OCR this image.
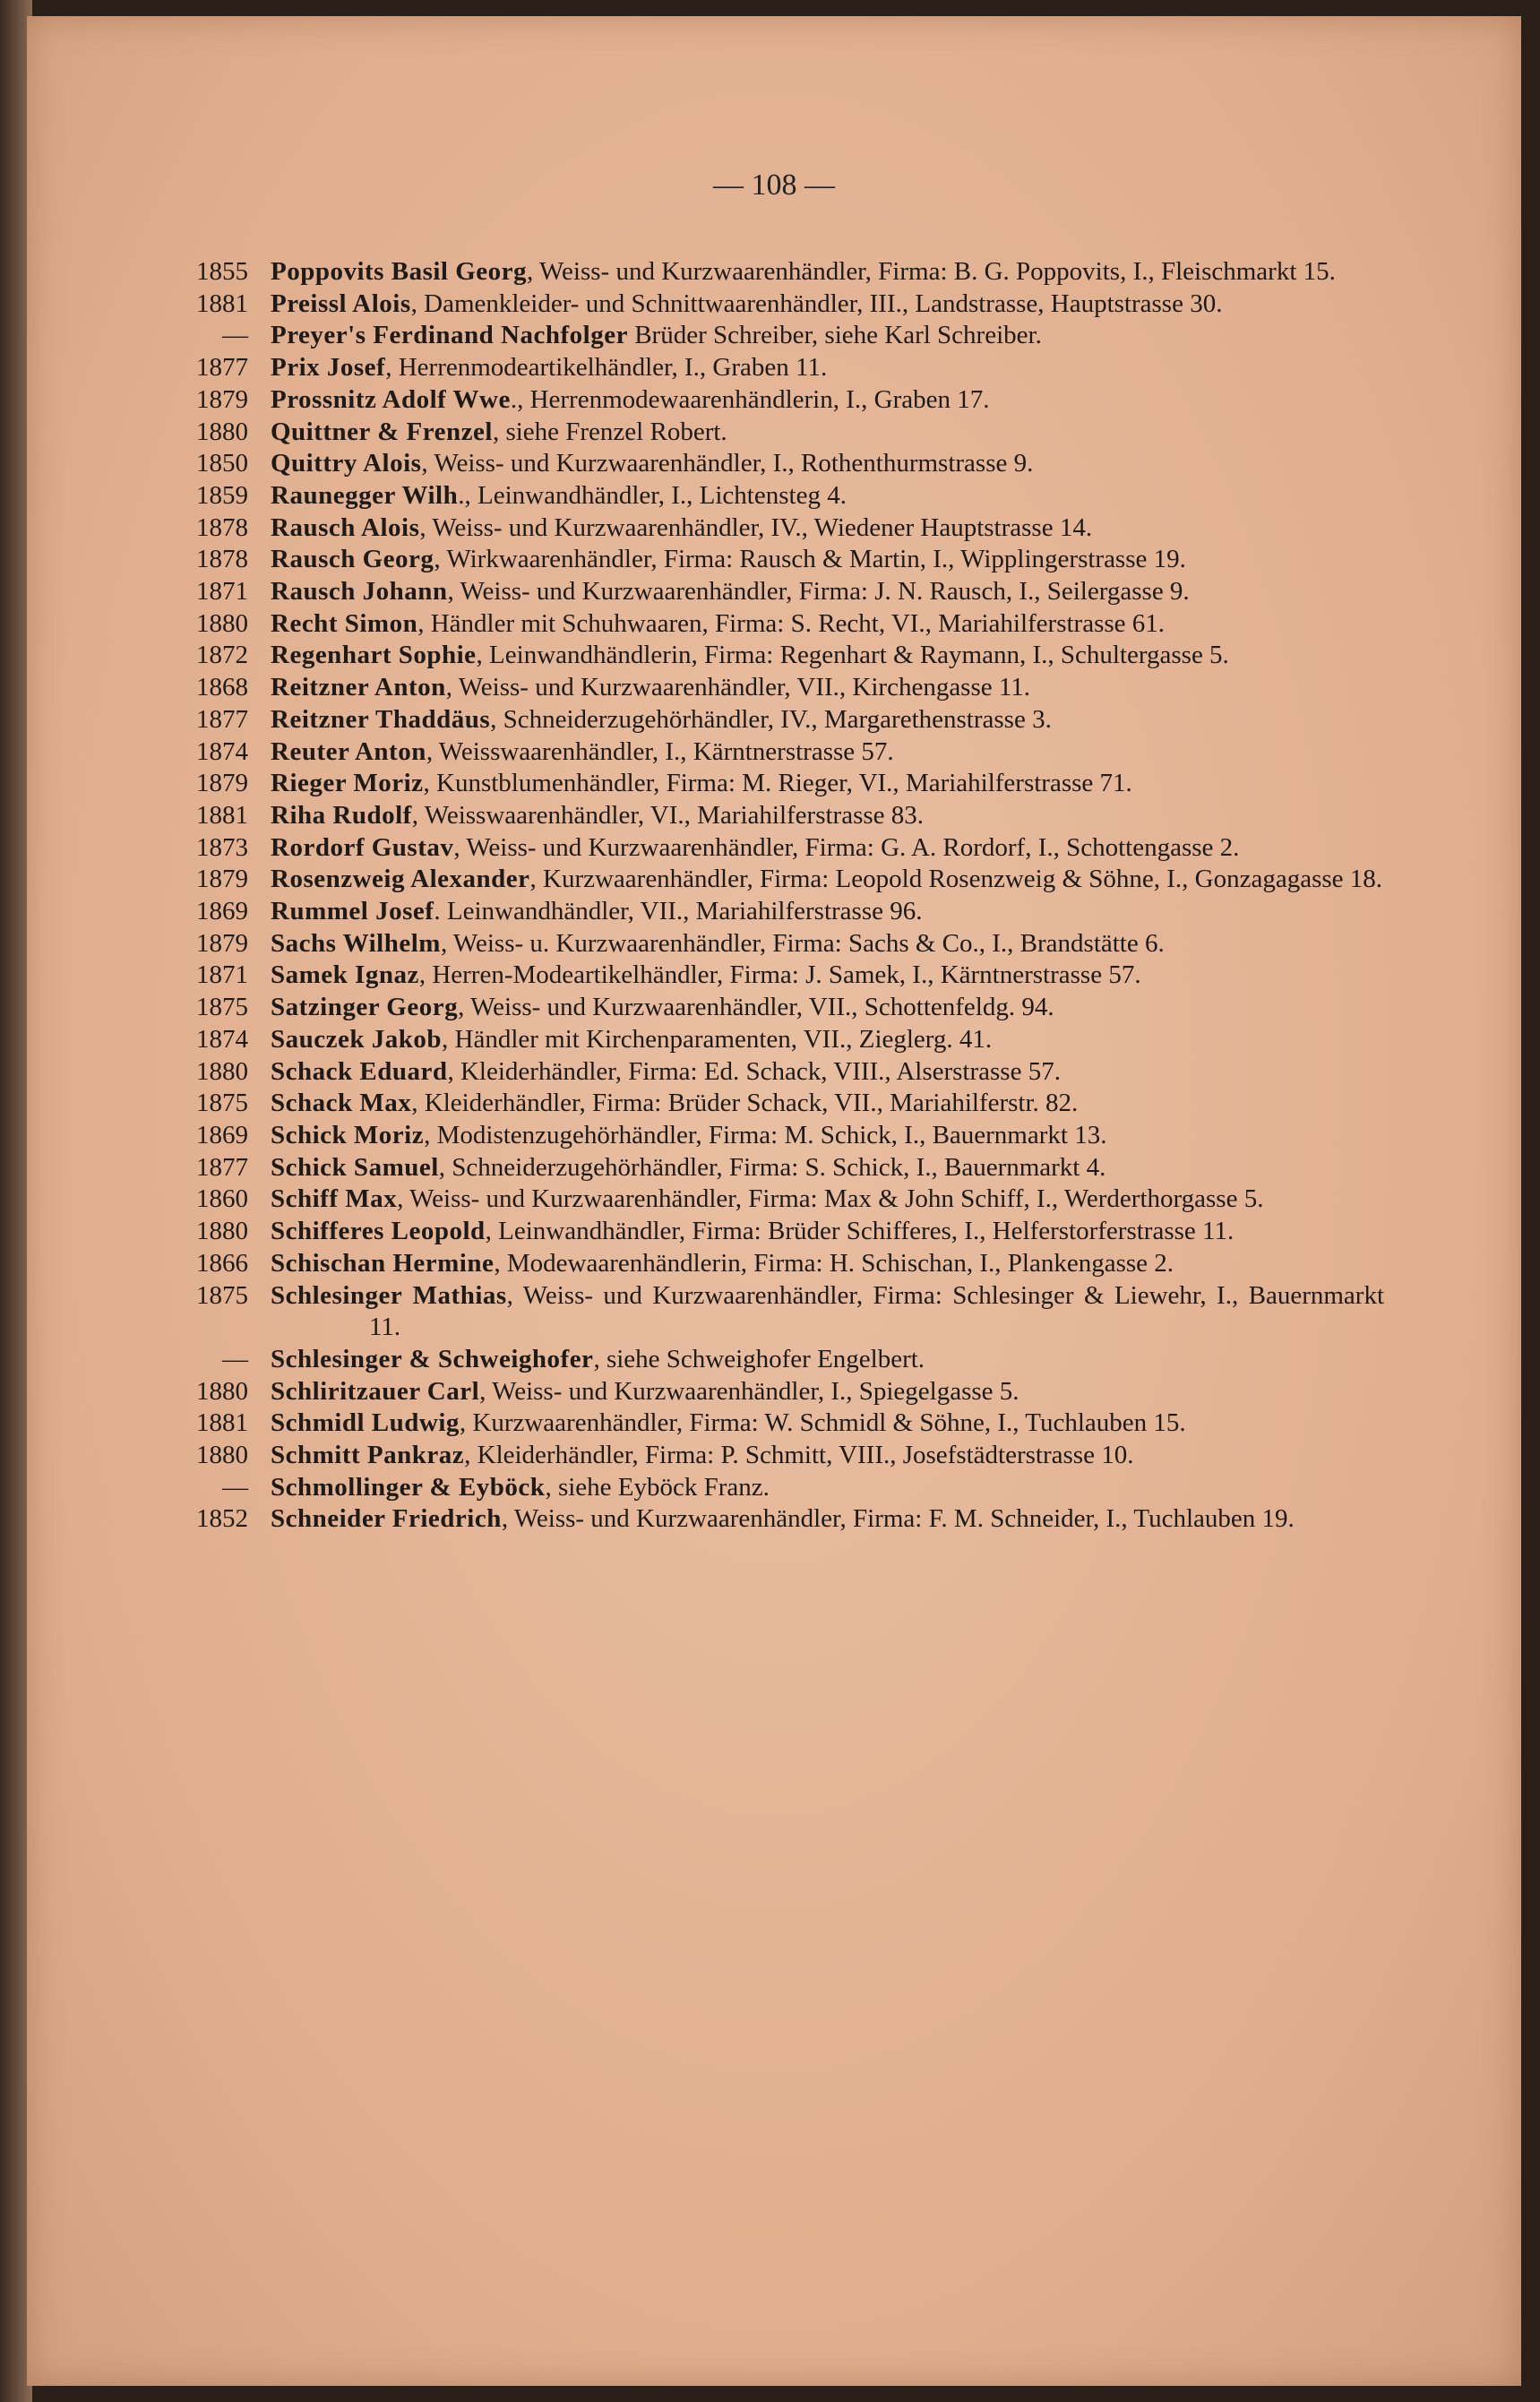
— 108 —
1855 Poppovits Basil Georg, Weiss- und Kurzwaarenhändler, Firma: B. G. Poppovits, I., Fleischmarkt 15.
1881 Preissl Alois, Damenkleider- und Schnittwaarenhändler, III., Landstrasse, Hauptstrasse 30.
— Preyer's Ferdinand Nachfolger Brüder Schreiber, siehe Karl Schreiber.
1877 Prix Josef, Herrenmodeartikelhändler, I., Graben 11.
1879 Prossnitz Adolf Wwe., Herrenmodewaarenhändlerin, I., Graben 17.
1880 Quittner & Frenzel, siehe Frenzel Robert.
1850 Quittry Alois, Weiss- und Kurzwaarenhändler, I., Rothenthurmstrasse 9.
1859 Raunegger Wilh., Leinwandhändler, I., Lichtensteg 4.
1878 Rausch Alois, Weiss- und Kurzwaarenhändler, IV., Wiedener Hauptstrasse 14.
1878 Rausch Georg, Wirkwaarenhändler, Firma: Rausch & Martin, I., Wipplingerstrasse 19.
1871 Rausch Johann, Weiss- und Kurzwaarenhändler, Firma: J. N. Rausch, I., Seilergasse 9.
1880 Recht Simon, Händler mit Schuhwaaren, Firma: S. Recht, VI., Mariahilferstrasse 61.
1872 Regenhart Sophie, Leinwandhändlerin, Firma: Regenhart & Raymann, I., Schultergasse 5.
1868 Reitzner Anton, Weiss- und Kurzwaarenhändler, VII., Kirchengasse 11.
1877 Reitzner Thaddäus, Schneiderzugehörhändler, IV., Margarethenstrasse 3.
1874 Reuter Anton, Weisswaarenhändler, I., Kärntnerstrasse 57.
1879 Rieger Moriz, Kunstblumenhändler, Firma: M. Rieger, VI., Mariahilferstrasse 71.
1881 Riha Rudolf, Weisswaarenhändler, VI., Mariahilferstrasse 83.
1873 Rordorf Gustav, Weiss- und Kurzwaarenhändler, Firma: G. A. Rordorf, I., Schottengasse 2.
1879 Rosenzweig Alexander, Kurzwaarenhändler, Firma: Leopold Rosenzweig & Söhne, I., Gonzagagasse 18.
1869 Rummel Josef. Leinwandhändler, VII., Mariahilferstrasse 96.
1879 Sachs Wilhelm, Weiss- u. Kurzwaarenhändler, Firma: Sachs & Co., I., Brandstätte 6.
1871 Samek Ignaz, Herren-Modeartikelhändler, Firma: J. Samek, I., Kärntnerstrasse 57.
1875 Satzinger Georg, Weiss- und Kurzwaarenhändler, VII., Schottenfeldg. 94.
1874 Sauczek Jakob, Händler mit Kirchenparamenten, VII., Zieglerg. 41.
1880 Schack Eduard, Kleiderhändler, Firma: Ed. Schack, VIII., Alserstrasse 57.
1875 Schack Max, Kleiderhändler, Firma: Brüder Schack, VII., Mariahilferstr. 82.
1869 Schick Moriz, Modistenzugehörhändler, Firma: M. Schick, I., Bauernmarkt 13.
1877 Schick Samuel, Schneiderzugehörhändler, Firma: S. Schick, I., Bauernmarkt 4.
1860 Schiff Max, Weiss- und Kurzwaarenhändler, Firma: Max & John Schiff, I., Werderthorgasse 5.
1880 Schifferes Leopold, Leinwandhändler, Firma: Brüder Schifferes, I., Helferstorferstrasse 11.
1866 Schischan Hermine, Modewaarenhändlerin, Firma: H. Schischan, I., Plankengasse 2.
1875 Schlesinger Mathias, Weiss- und Kurzwaarenhändler, Firma: Schlesinger & Liewehr, I., Bauernmarkt 11.
— Schlesinger & Schweighofer, siehe Schweighofer Engelbert.
1880 Schliritzauer Carl, Weiss- und Kurzwaarenhändler, I., Spiegelgasse 5.
1881 Schmidl Ludwig, Kurzwaarenhändler, Firma: W. Schmidl & Söhne, I., Tuchlauben 15.
1880 Schmitt Pankraz, Kleiderhändler, Firma: P. Schmitt, VIII., Josefstädterstrasse 10.
— Schmollinger & Eyböck, siehe Eyböck Franz.
1852 Schneider Friedrich, Weiss- und Kurzwaarenhändler, Firma: F. M. Schneider, I., Tuchlauben 19.
